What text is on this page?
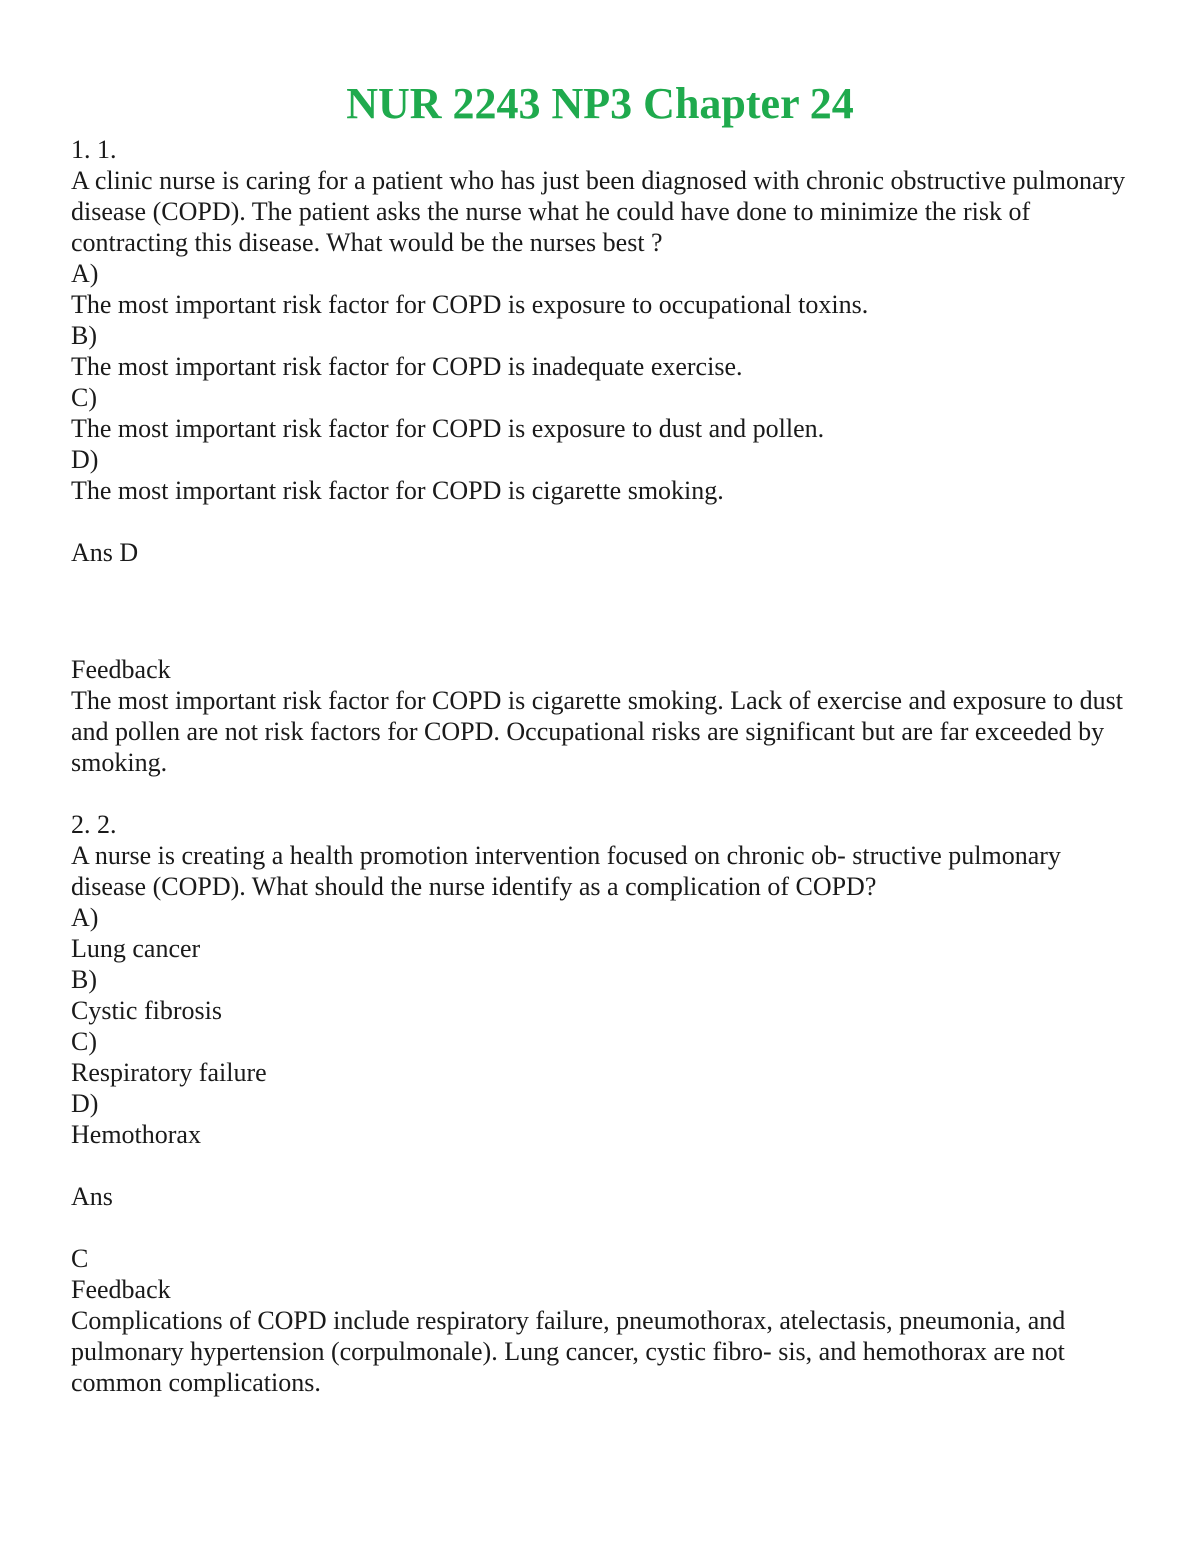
NUR 2243 NP3 Chapter 24
1. 1.
A clinic nurse is caring for a patient who has just been diagnosed with chronic obstructive pulmonary disease (COPD). The patient asks the nurse what he could have done to minimize the risk of contracting this disease. What would be the nurses best ?
A)
The most important risk factor for COPD is exposure to occupational toxins.
B)
The most important risk factor for COPD is inadequate exercise.
C)
The most important risk factor for COPD is exposure to dust and pollen.
D)
The most important risk factor for COPD is cigarette smoking.
Ans D
Feedback
The most important risk factor for COPD is cigarette smoking. Lack of exercise and exposure to dust and pollen are not risk factors for COPD. Occupational risks are significant but are far exceeded by smoking.
2. 2.
A nurse is creating a health promotion intervention focused on chronic ob- structive pulmonary disease (COPD). What should the nurse identify as a complication of COPD?
A)
Lung cancer
B)
Cystic fibrosis
C)
Respiratory failure
D)
Hemothorax
Ans
C
Feedback
Complications of COPD include respiratory failure, pneumothorax, atelectasis, pneumonia, and pulmonary hypertension (corpulmonale). Lung cancer, cystic fibro- sis, and hemothorax are not common complications.
